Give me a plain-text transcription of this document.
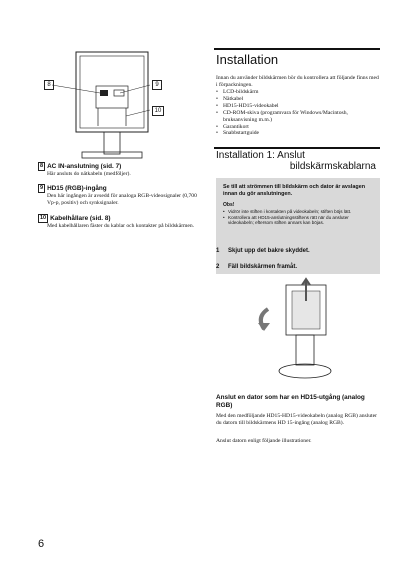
8	9
10
8 AC IN-anslutning (sid. 7)
Här ansluts do nätkabeln (medföljer).
9 HD15 (RGB)-ingång
Den här ingången är avsedd för analoga RGB-videosignaler (0,700 Vp-p, positiv) och synksignaler.
10 Kabelhållare (sid. 8)
Med kabelhållaren fäster du kablar och kontakter på bildskärmen.
Installation
Innan du använder bildskärmen bör du kontrollera att följande finns med i förpackningen.
• LCD-bildskärm
• Nätkabel
• HD15-HD15-videokabel
• CD-ROM-skiva (programvara för Windows/Macintosh, bruksanvisning m.m.)
• Garantikort
• Snabbstartguide
Installation 1: Anslut
bildskärmskablarna
Se till att strömmen till bildskärm och dator är avslagen innan du gör anslutningen.
Obs!
• Vidrör inte stiften i kontakten på videokabeln; stiften böjs lätt.
• Kontrollera att HD15-anslutningsstiftens rätt när du ansluter videokabeln; eftersom stiften annars kan böjas.
1 Skjut upp det bakre skyddet.
2 Fäll bildskärmen framåt.
Anslut en dator som har en HD15-utgång (analog RGB)
Med den medföljande HD15-HD15-videokabeln (analog RGB) ansluter du datorn till bildskärmens HD 15-ingång (analog RGB).
Anslut datorn enligt följande illustrationer.
6
